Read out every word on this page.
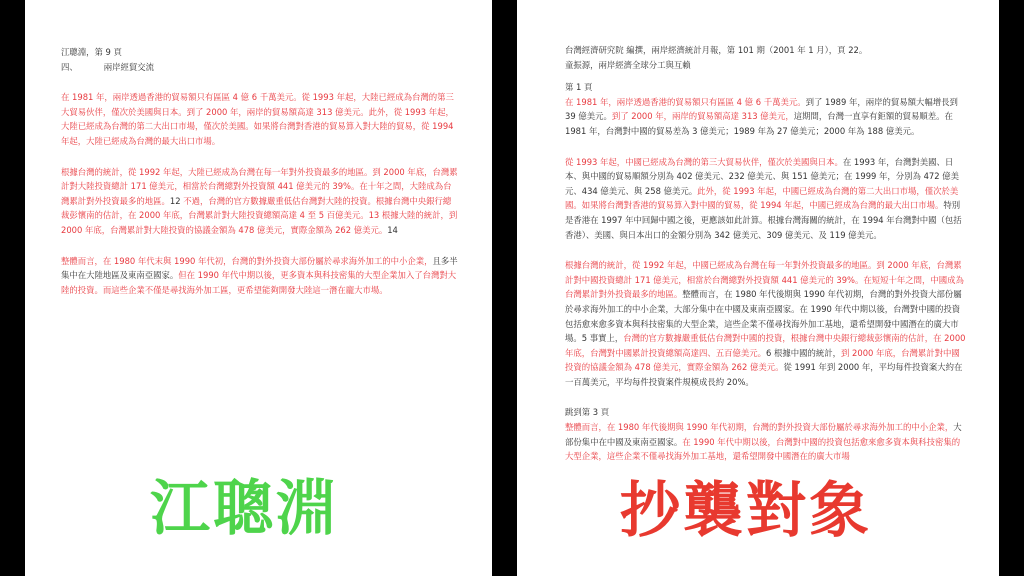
江聰淵，第 9 頁

四、	兩岸經貿交流

在 1981 年，兩岸透過香港的貿易額只有區區 4 億 6 千萬美元。從 1993 年起，大陸已經成為台灣的第三大貿易伙伴，僅次於美國與日本。到了 2000 年，兩岸的貿易額高達 313 億美元。此外，從 1993 年起，大陸已經成為台灣的第二大出口市場，僅次於美國。如果將台灣對香港的貿易算入對大陸的貿易，從 1994 年起，大陸已經成為台灣的最大出口市場。

根據台灣的統計，從 1992 年起，大陸已經成為台灣在每一年對外投資最多的地區。到 2000 年底，台灣累計對大陸投資總計 171 億美元，相當於台灣總對外投資額 441 億美元的 39%。在十年之間，大陸成為台灣累計對外投資最多的地區。12 不過，台灣的官方數據嚴重低估台灣對大陸的投資。根據台灣中央銀行總裁彭懷南的估計，在 2000 年底，台灣累計對大陸投資總額高達 4 至 5 百億美元。13 根據大陸的統計，到 2000 年底，台灣累計對大陸投資的協議金額為 478 億美元，實際金額為 262 億美元。14

整體而言，在 1980 年代末與 1990 年代初，台灣的對外投資大部份屬於尋求海外加工的中小企業，且多半集中在大陸地區及東南亞國家。但在 1990 年代中期以後，更多資本與科技密集的大型企業加入了台灣對大陸的投資。而這些企業不僅是尋找海外加工區，更希望能夠開發大陸這一潛在龐大市場。

台灣經濟研究院 編撰，兩岸經濟統計月報，第 101 期（2001 年 1 月），頁 22。

童振源，兩岸經濟全球分工與互賴

第 1 頁

在 1981 年，兩岸透過香港的貿易額只有區區 4 億 6 千萬美元。到了 1989 年，兩岸的貿易額大幅增長到 39 億美元。到了 2000 年，兩岸的貿易額高達 313 億美元，這期間，台灣一直享有鉅額的貿易順差。在 1981 年，台灣對中國的貿易差為 3 億美元；1989 年為 27 億美元；2000 年為 188 億美元。

從 1993 年起，中國已經成為台灣的第三大貿易伙伴，僅次於美國與日本。在 1993 年，台灣對美國、日本、與中國的貿易順額分別為 402 億美元、232 億美元、與 151 億美元；在 1999 年，分別為 472 億美元、434 億美元、與 258 億美元。此外，從 1993 年起，中國已經成為台灣的第二大出口市場，僅次於美國。如果將台灣對香港的貿易算入對中國的貿易，從 1994 年起，中國已經成為台灣的最大出口市場。特別是香港在 1997 年中回歸中國之後，更應該如此計算。根據台灣海關的統計，在 1994 年台灣對中國（包括香港）、美國、與日本出口的金額分別為 342 億美元、309 億美元、及 119 億美元。

根據台灣的統計，從 1992 年起，中國已經成為台灣在每一年對外投資最多的地區。到 2000 年底，台灣累計對中國投資總計 171 億美元，相當於台灣總對外投資額 441 億美元的 39%。在短短十年之間，中國成為台灣累計對外投資最多的地區。整體而言，在 1980 年代後期與 1990 年代初期，台灣的對外投資大部份屬於尋求海外加工的中小企業，大部分集中在中國及東南亞國家。在 1990 年代中期以後，台灣對中國的投資包括愈來愈多資本與科技密集的大型企業，這些企業不僅尋找海外加工基地，還希望開發中國潛在的廣大市場。5 事實上，台灣的官方數據嚴重低估台灣對中國的投資，根據台灣中央銀行總裁彭懷南的估計，在 2000 年底，台灣對中國累計投資總額高達四、五百億美元。6 根據中國的統計，到 2000 年底，台灣累計對中國投資的協議金額為 478 億美元，實際金額為 262 億美元。從 1991 年到 2000 年，平均每件投資案大約在一百萬美元，平均每件投資案件規模成長約 20%。

跳到第 3 頁

整體而言，在 1980 年代後期與 1990 年代初期，台灣的對外投資大部份屬於尋求海外加工的中小企業，大部份集中在中國及東南亞國家。在 1990 年代中期以後，台灣對中國的投資包括愈來愈多資本與科技密集的大型企業，這些企業不僅尋找海外加工基地，還希望開發中國潛在的廣大市場

江聰淵	抄襲對象
